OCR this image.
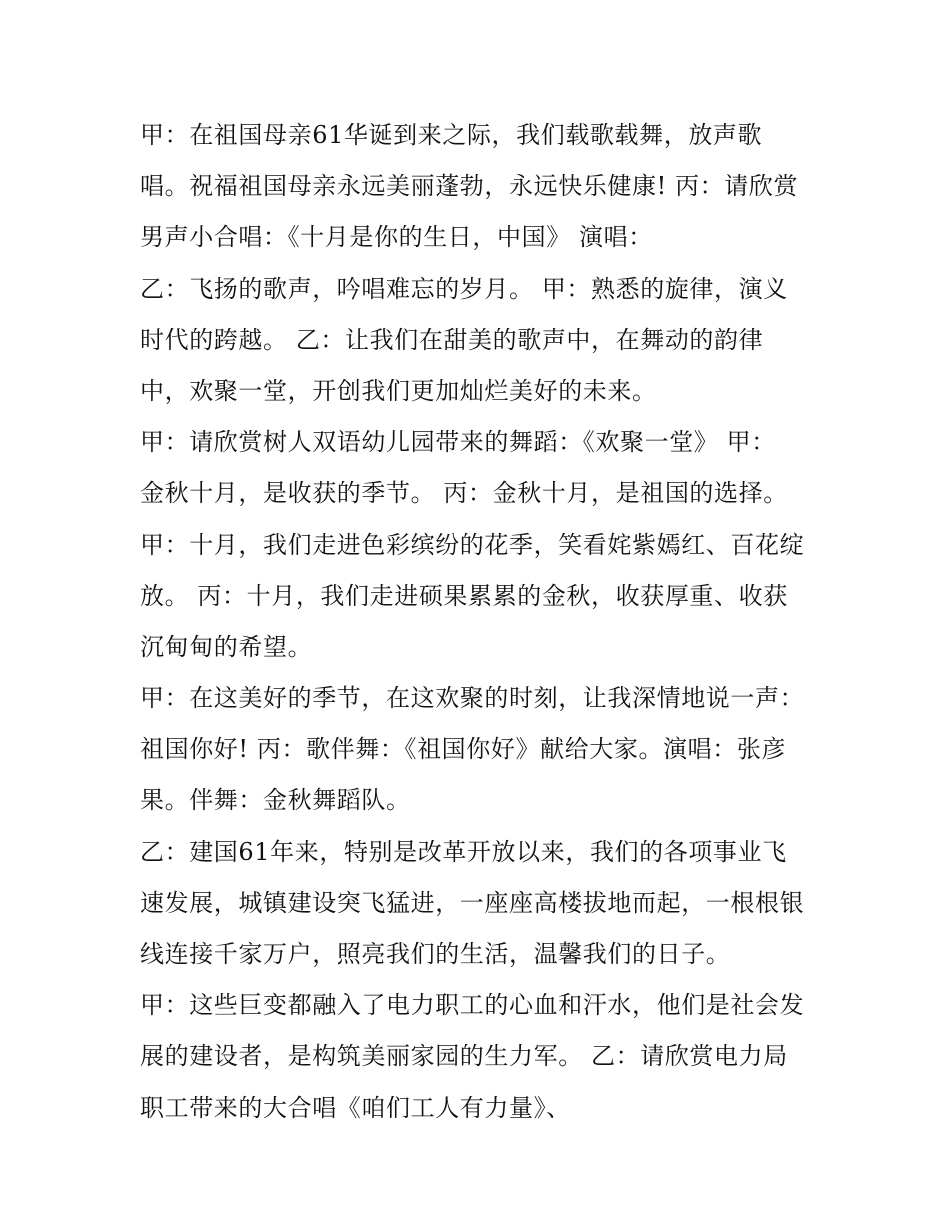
甲：在祖国母亲61华诞到来之际，我们载歌载舞，放声歌
唱。祝福祖国母亲永远美丽蓬勃，永远快乐健康! 丙：请欣赏
男声小合唱：《十月是你的生日，中国》 演唱：
乙：飞扬的歌声，吟唱难忘的岁月。 甲：熟悉的旋律，演义
时代的跨越。 乙：让我们在甜美的歌声中，在舞动的韵律
中，欢聚一堂，开创我们更加灿烂美好的未来。
甲：请欣赏树人双语幼儿园带来的舞蹈：《欢聚一堂》 甲：
金秋十月，是收获的季节。 丙：金秋十月，是祖国的选择。
甲：十月，我们走进色彩缤纷的花季，笑看姹紫嫣红、百花绽
放。 丙：十月，我们走进硕果累累的金秋，收获厚重、收获
沉甸甸的希望。
甲：在这美好的季节，在这欢聚的时刻，让我深情地说一声：
祖国你好! 丙：歌伴舞：《祖国你好》献给大家。演唱：张彦
果。伴舞：金秋舞蹈队。
乙：建国61年来，特别是改革开放以来，我们的各项事业飞
速发展，城镇建设突飞猛进，一座座高楼拔地而起，一根根银
线连接千家万户，照亮我们的生活，温馨我们的日子。
甲：这些巨变都融入了电力职工的心血和汗水，他们是社会发
展的建设者，是构筑美丽家园的生力军。 乙：请欣赏电力局
职工带来的大合唱《咱们工人有力量》、
